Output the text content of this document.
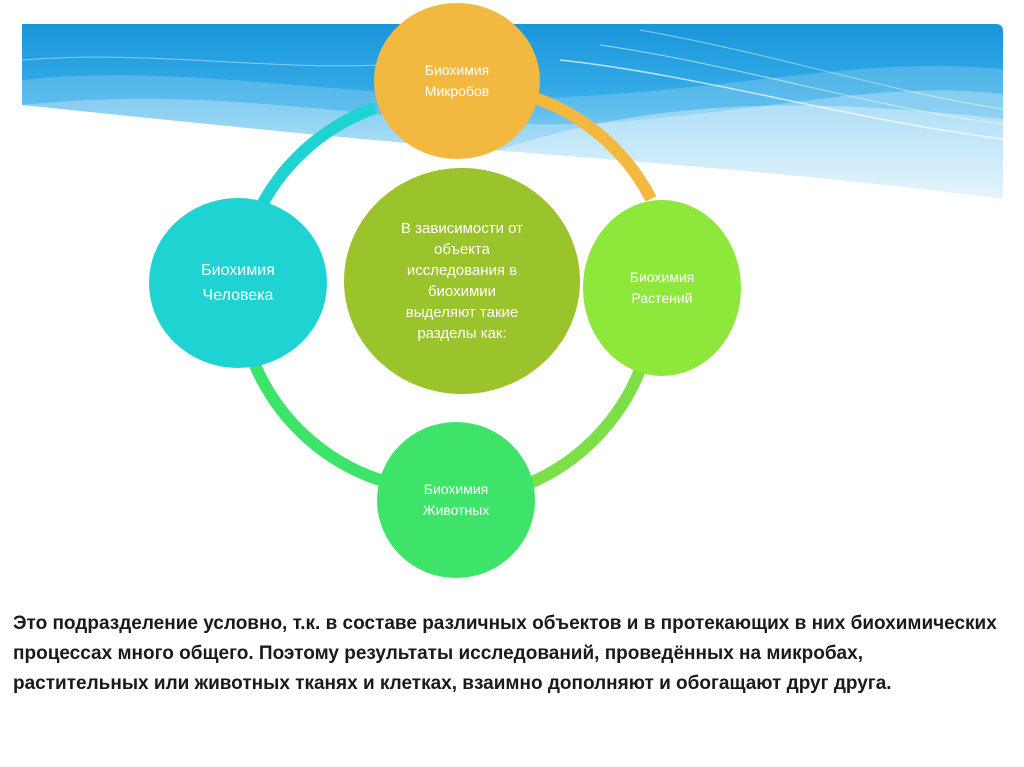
Биохимия
Микробов
Биохимия
Растений
Биохимия
Животных
Биохимия
Человека
В зависимости от
объекта
исследования в
биохимии
выделяют такие
разделы как:

Это подразделение условно, т.к. в составе различных объектов и в протекающих в них биохимических процессах много общего. Поэтому результаты исследований, проведённых на микробах, растительных или животных тканях и клетках, взаимно дополняют и обогащают друг друга.
